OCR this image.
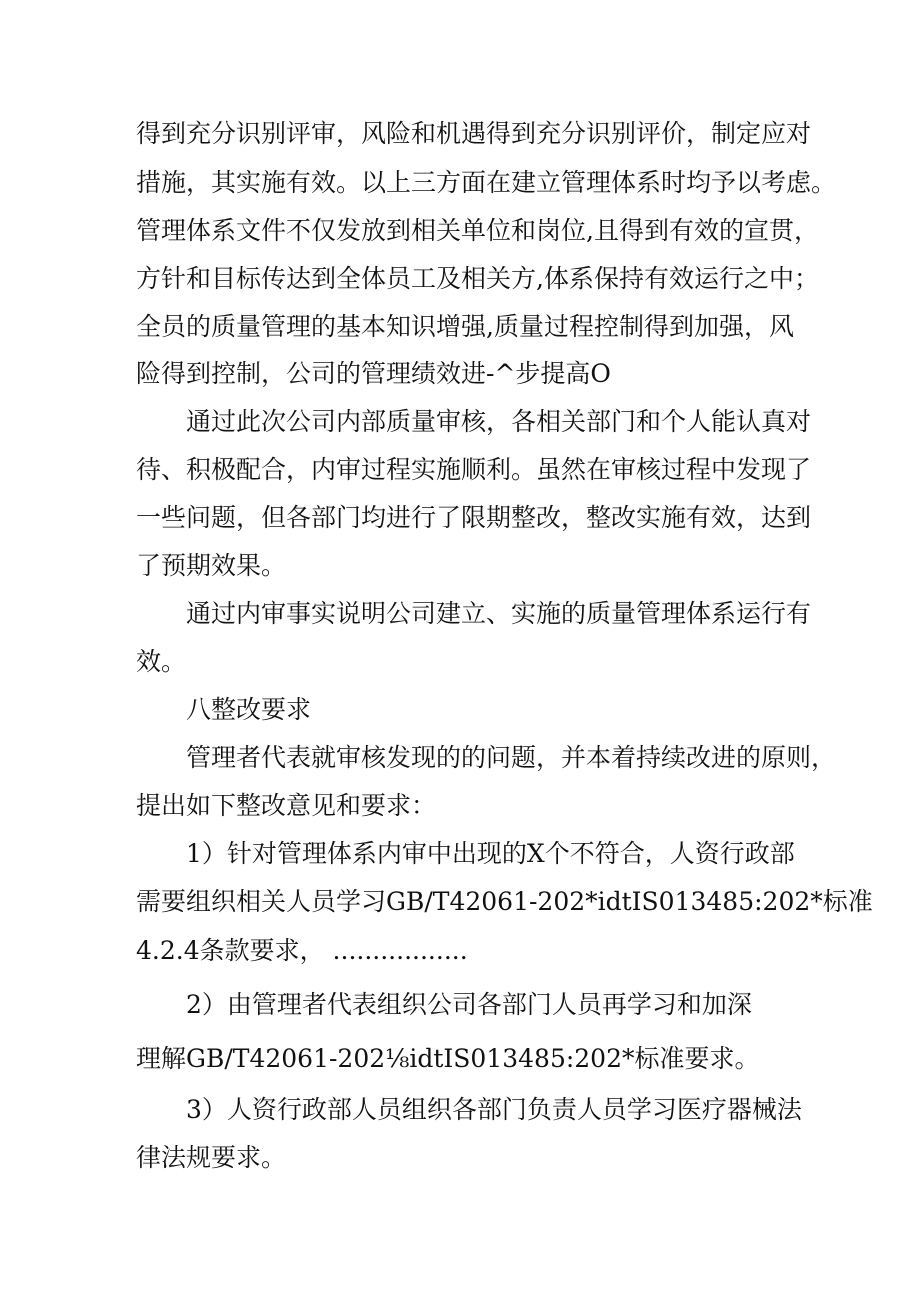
得到充分识别评审，风险和机遇得到充分识别评价，制定应对
措施，其实施有效。以上三方面在建立管理体系时均予以考虑。
管理体系文件不仅发放到相关单位和岗位,且得到有效的宣贯，
方针和目标传达到全体员工及相关方,体系保持有效运行之中；
全员的质量管理的基本知识增强,质量过程控制得到加强，风
险得到控制，公司的管理绩效进-^步提高O
通过此次公司内部质量审核，各相关部门和个人能认真对
待、积极配合，内审过程实施顺利。虽然在审核过程中发现了
一些问题，但各部门均进行了限期整改，整改实施有效，达到
了预期效果。
通过内审事实说明公司建立、实施的质量管理体系运行有
效。
八整改要求
管理者代表就审核发现的的问题，并本着持续改进的原则，
提出如下整改意见和要求：
1）针对管理体系内审中出现的X个不符合，人资行政部
需要组织相关人员学习GB/T42061-202*idtIS013485:202*标准
4.2.4条款要求， .................
2）由管理者代表组织公司各部门人员再学习和加深
理解GB/T42061-202⅛idtIS013485:202*标准要求。
3）人资行政部人员组织各部门负责人员学习医疗器械法
律法规要求。
